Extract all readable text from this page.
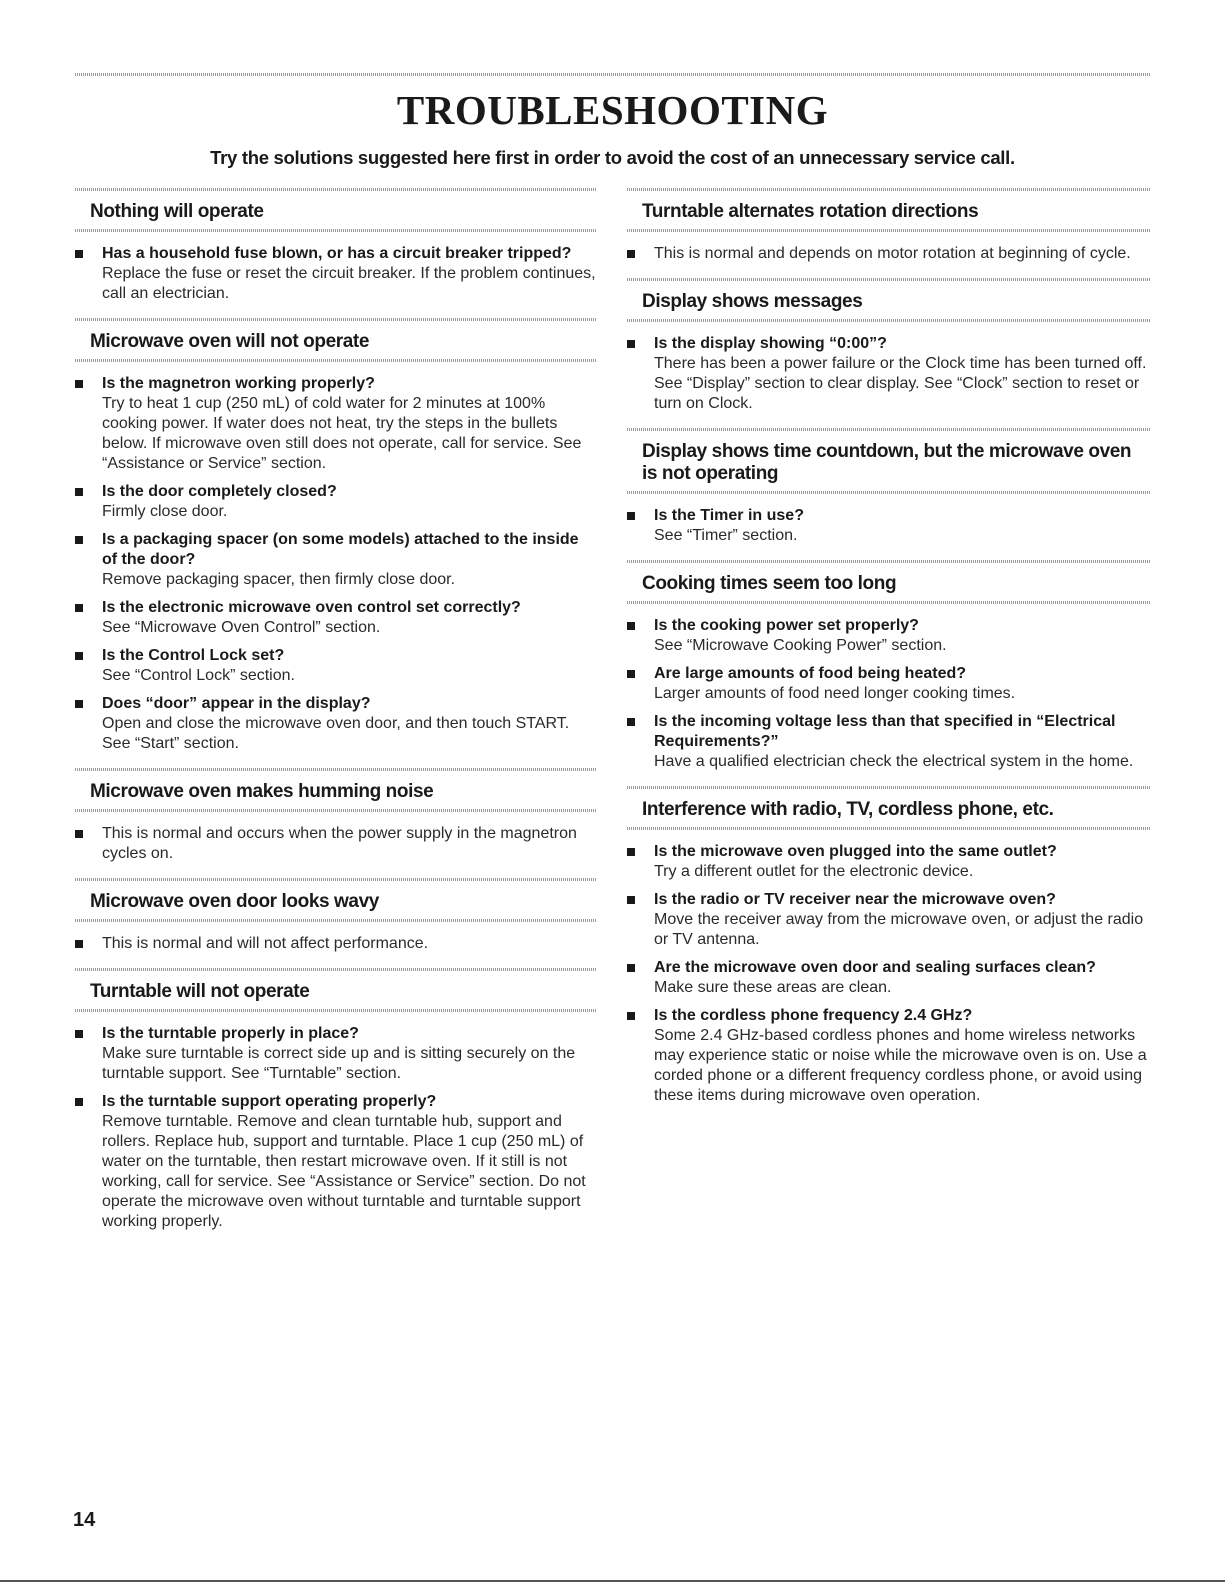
TROUBLESHOOTING

Try the solutions suggested here first in order to avoid the cost of an unnecessary service call.

Nothing will operate
Has a household fuse blown, or has a circuit breaker tripped?
Replace the fuse or reset the circuit breaker. If the problem continues, call an electrician.
Microwave oven will not operate
Is the magnetron working properly?
Try to heat 1 cup (250 mL) of cold water for 2 minutes at 100% cooking power. If water does not heat, try the steps in the bullets below. If microwave oven still does not operate, call for service. See “Assistance or Service” section.
Is the door completely closed?
Firmly close door.
Is a packaging spacer (on some models) attached to the inside of the door?
Remove packaging spacer, then firmly close door.
Is the electronic microwave oven control set correctly?
See “Microwave Oven Control” section.
Is the Control Lock set?
See “Control Lock” section.
Does “door” appear in the display?
Open and close the microwave oven door, and then touch START. See “Start” section.
Microwave oven makes humming noise
This is normal and occurs when the power supply in the magnetron cycles on.
Microwave oven door looks wavy
This is normal and will not affect performance.
Turntable will not operate
Is the turntable properly in place?
Make sure turntable is correct side up and is sitting securely on the turntable support. See “Turntable” section.
Is the turntable support operating properly?
Remove turntable. Remove and clean turntable hub, support and rollers. Replace hub, support and turntable. Place 1 cup (250 mL) of water on the turntable, then restart microwave oven. If it still is not working, call for service. See “Assistance or Service” section. Do not operate the microwave oven without turntable and turntable support working properly.
Turntable alternates rotation directions
This is normal and depends on motor rotation at beginning of cycle.
Display shows messages
Is the display showing “0:00”?
There has been a power failure or the Clock time has been turned off. See “Display” section to clear display. See “Clock” section to reset or turn on Clock.
Display shows time countdown, but the microwave oven is not operating
Is the Timer in use?
See “Timer” section.
Cooking times seem too long
Is the cooking power set properly?
See “Microwave Cooking Power” section.
Are large amounts of food being heated?
Larger amounts of food need longer cooking times.
Is the incoming voltage less than that specified in “Electrical Requirements?”
Have a qualified electrician check the electrical system in the home.
Interference with radio, TV, cordless phone, etc.
Is the microwave oven plugged into the same outlet?
Try a different outlet for the electronic device.
Is the radio or TV receiver near the microwave oven?
Move the receiver away from the microwave oven, or adjust the radio or TV antenna.
Are the microwave oven door and sealing surfaces clean?
Make sure these areas are clean.
Is the cordless phone frequency 2.4 GHz?
Some 2.4 GHz-based cordless phones and home wireless networks may experience static or noise while the microwave oven is on. Use a corded phone or a different frequency cordless phone, or avoid using these items during microwave oven operation.
14
